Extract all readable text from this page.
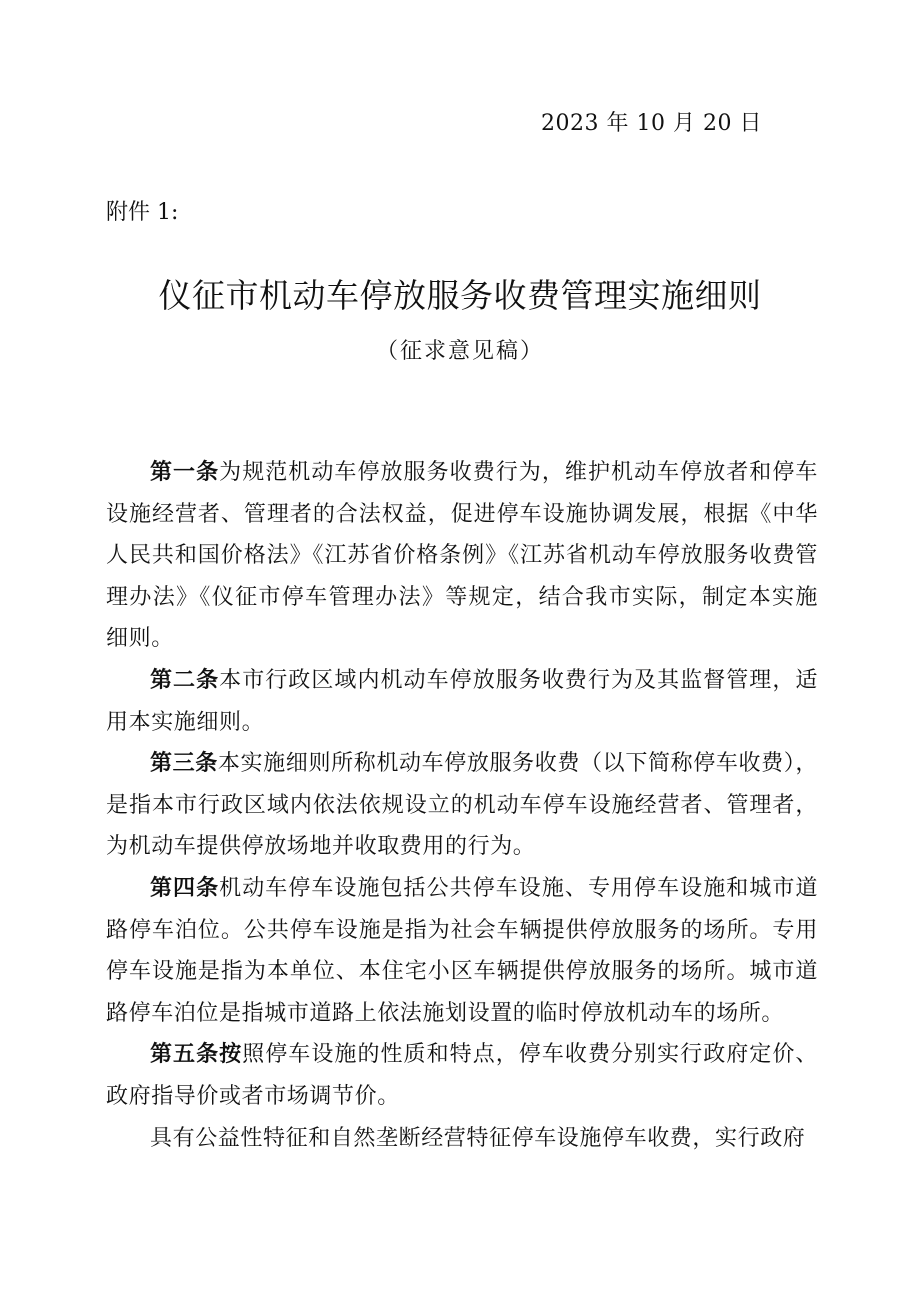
2023 年 10 月 20 日
附件 1:
仪征市机动车停放服务收费管理实施细则
（征求意见稿）

第一条为规范机动车停放服务收费行为，维护机动车停放者和停车设施经营者、管理者的合法权益，促进停车设施协调发展，根据《中华人民共和国价格法》《江苏省价格条例》《江苏省机动车停放服务收费管理办法》《仪征市停车管理办法》等规定，结合我市实际，制定本实施细则。

第二条本市行政区域内机动车停放服务收费行为及其监督管理，适用本实施细则。

第三条本实施细则所称机动车停放服务收费（以下简称停车收费），是指本市行政区域内依法依规设立的机动车停车设施经营者、管理者，为机动车提供停放场地并收取费用的行为。

第四条机动车停车设施包括公共停车设施、专用停车设施和城市道路停车泊位。公共停车设施是指为社会车辆提供停放服务的场所。专用停车设施是指为本单位、本住宅小区车辆提供停放服务的场所。城市道路停车泊位是指城市道路上依法施划设置的临时停放机动车的场所。

第五条按照停车设施的性质和特点，停车收费分别实行政府定价、政府指导价或者市场调节价。

具有公益性特征和自然垄断经营特征停车设施停车收费，实行政府
